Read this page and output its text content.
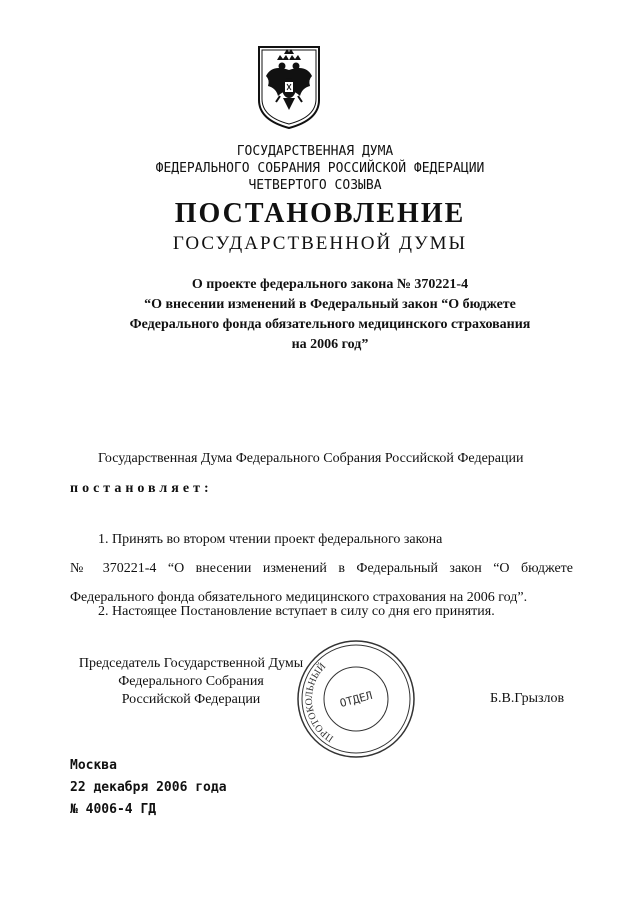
ГОСУДАРСТВЕННАЯ ДУМА
ФЕДЕРАЛЬНОГО СОБРАНИЯ РОССИЙСКОЙ ФЕДЕРАЦИИ
ЧЕТВЕРТОГО СОЗЫВА
ПОСТАНОВЛЕНИЕ
ГОСУДАРСТВЕННОЙ ДУМЫ
О проекте федерального закона № 370221-4
“О внесении изменений в Федеральный закон “О бюджете
Федерального фонда обязательного медицинского страхования
на 2006 год”
Государственная Дума Федерального Собрания Российской Федерации
постановляет:
1. Принять во втором чтении проект федерального закона
№ 370221-4 “О внесении изменений в Федеральный закон “О бюджете Федерального фонда обязательного медицинского страхования на 2006 год”.
2. Настоящее Постановление вступает в силу со дня его принятия.
Председатель Государственной Думы
Федерального Собрания
Российской Федерации
ПРОТОКОЛЬНЫЙ
ОТДЕЛ	Б.В.Грызлов
Москва
22 декабря 2006 года
№ 4006-4 ГД
